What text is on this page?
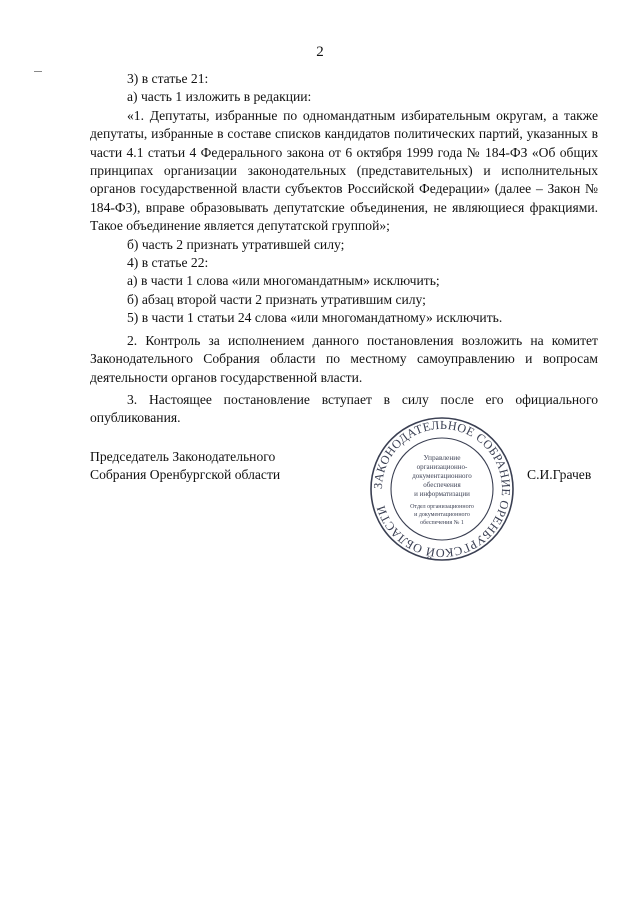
2

3) в статье 21:

а) часть 1 изложить в редакции:

«1. Депутаты, избранные по одномандатным избирательным округам, а также депутаты, избранные в составе списков кандидатов политических партий, указанных в части 4.1 статьи 4 Федерального закона от 6 октября 1999 года № 184-ФЗ «Об общих принципах организации законодательных (представительных) и исполнительных органов государственной власти субъектов Российской Федерации» (далее – Закон № 184-ФЗ), вправе образовывать депутатские объединения, не являющиеся фракциями. Такое объединение является депутатской группой»;

б) часть 2 признать утратившей силу;

4) в статье 22:

а) в части 1 слова «или многомандатным» исключить;

б) абзац второй части 2 признать утратившим силу;

5) в части 1 статьи 24 слова «или многомандатному» исключить.

2. Контроль за исполнением данного постановления возложить на комитет Законодательного Собрания области по местному самоуправлению и вопросам деятельности органов государственной власти.

3. Настоящее постановление вступает в силу после его официального опубликования.

Председатель Законодательного
Собрания Оренбургской области	С.И.Грачев
ЗАКОНОДАТЕЛЬНОЕ СОБРАНИЕ ОРЕНБУРГСКОЙ ОБЛАСТИ
Управление
организационно-
документационного
обеспечения
и информатизации
Отдел организационного
и документационного
обеспечения № 1
